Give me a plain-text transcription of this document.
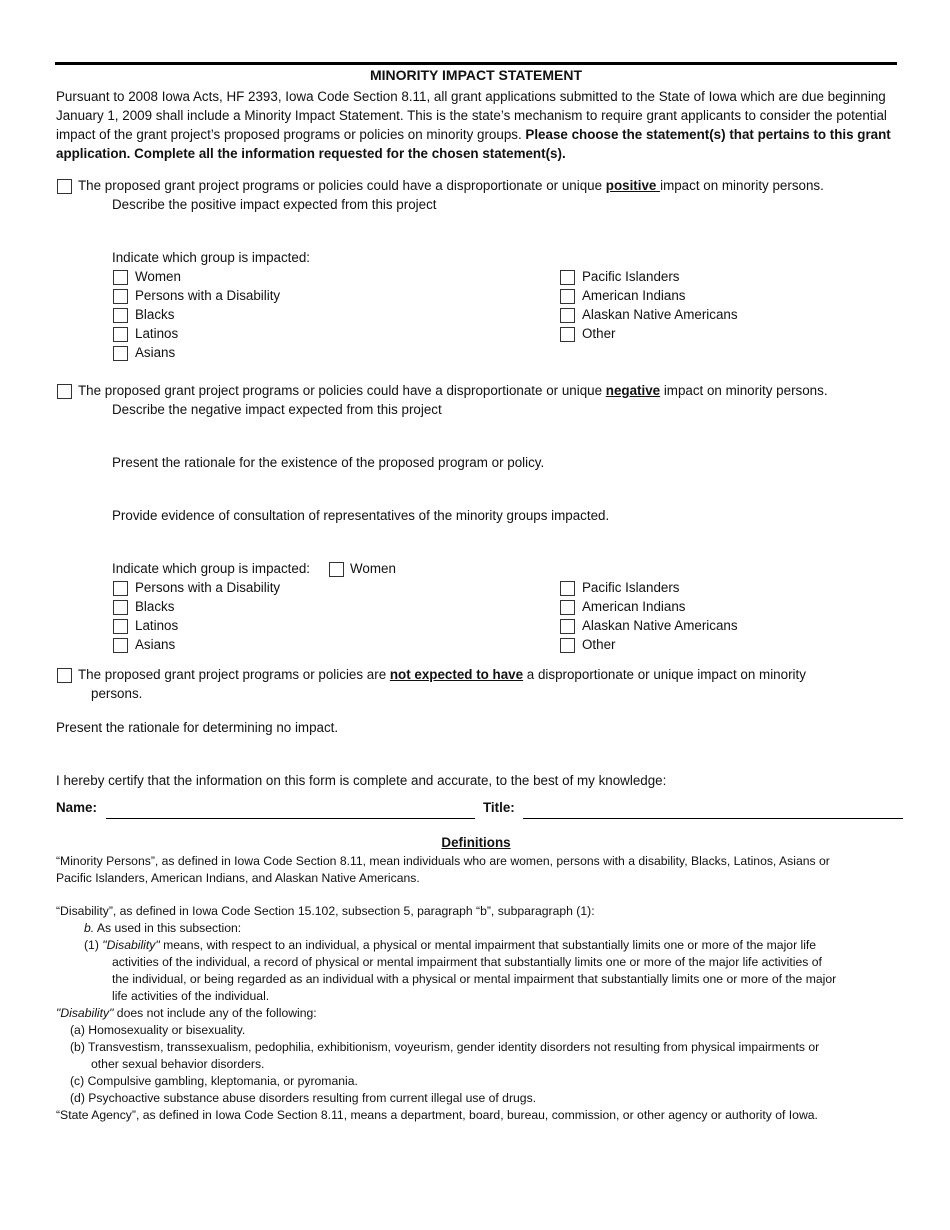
MINORITY IMPACT STATEMENT
Pursuant to 2008 Iowa Acts, HF 2393, Iowa Code Section 8.11, all grant applications submitted to the State of Iowa which are due beginning January 1, 2009 shall include a Minority Impact Statement. This is the state’s mechanism to require grant applicants to consider the potential impact of the grant project’s proposed programs or policies on minority groups. Please choose the statement(s) that pertains to this grant application. Complete all the information requested for the chosen statement(s).
The proposed grant project programs or policies could have a disproportionate or unique positive impact on minority persons.
Describe the positive impact expected from this project
Indicate which group is impacted:
Women
Persons with a Disability
Blacks
Latinos
Asians
Pacific Islanders
American Indians
Alaskan Native Americans
Other
The proposed grant project programs or policies could have a disproportionate or unique negative impact on minority persons.
Describe the negative impact expected from this project
Present the rationale for the existence of the proposed program or policy.
Provide evidence of consultation of representatives of the minority groups impacted.
Indicate which group is impacted:	Women
Persons with a Disability
Blacks
Latinos
Asians
Pacific Islanders
American Indians
Alaskan Native Americans
Other
The proposed grant project programs or policies are not expected to have a disproportionate or unique impact on minority
persons.
Present the rationale for determining no impact.
I hereby certify that the information on this form is complete and accurate, to the best of my knowledge:
Name:	Title:
Definitions
“Minority Persons”, as defined in Iowa Code Section 8.11, mean individuals who are women, persons with a disability, Blacks, Latinos, Asians or
Pacific Islanders, American Indians, and Alaskan Native Americans.
“Disability”, as defined in Iowa Code Section 15.102, subsection 5, paragraph “b”, subparagraph (1):
b. As used in this subsection:
(1) "Disability" means, with respect to an individual, a physical or mental impairment that substantially limits one or more of the major life
activities of the individual, a record of physical or mental impairment that substantially limits one or more of the major life activities of
the individual, or being regarded as an individual with a physical or mental impairment that substantially limits one or more of the major
life activities of the individual.
"Disability" does not include any of the following:
(a) Homosexuality or bisexuality.
(b) Transvestism, transsexualism, pedophilia, exhibitionism, voyeurism, gender identity disorders not resulting from physical impairments or
other sexual behavior disorders.
(c) Compulsive gambling, kleptomania, or pyromania.
(d) Psychoactive substance abuse disorders resulting from current illegal use of drugs.
“State Agency”, as defined in Iowa Code Section 8.11, means a department, board, bureau, commission, or other agency or authority of Iowa.
